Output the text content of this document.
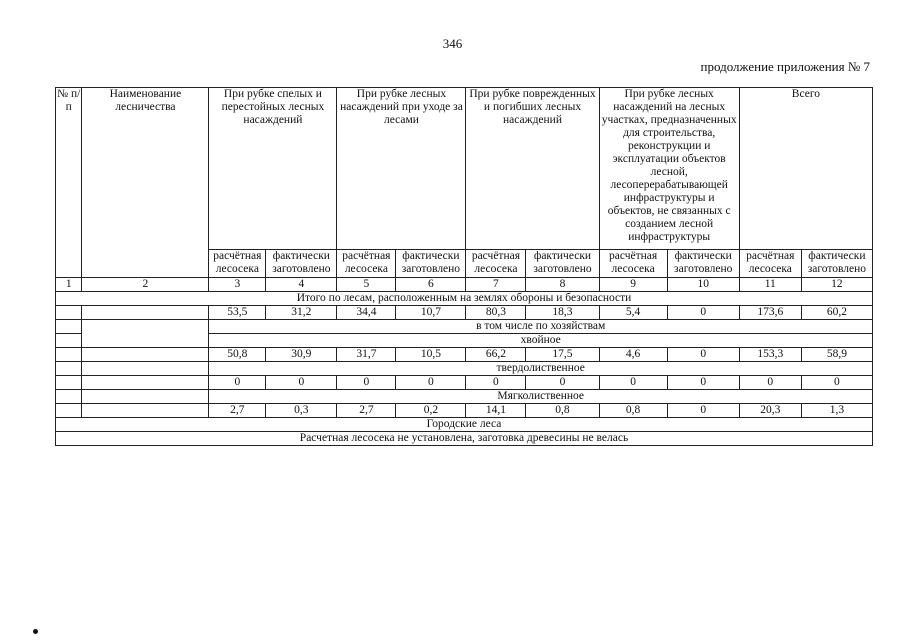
346
продолжение приложения № 7
№ п/п	Наименование лесничества	При рубке спелых и перестойных лесных насаждений		При рубке лесных насаждений при уходе за лесами		При рубке поврежденных и погибших лесных насаждений		При рубке лесных насаждений на лесных участках, предназначенных для строительства, реконструкции и эксплуатации объектов лесной, лесоперерабатывающей инфраструктуры и объектов, не связанных с созданием лесной инфраструктуры		Всего	
		расчётная лесосека	фактически заготовлено	расчётная лесосека	фактически заготовлено	расчётная лесосека	фактически заготовлено	расчётная лесосека	фактически заготовлено	расчётная лесосека	фактически заготовлено
1	2	3	4	5	6	7	8	9	10	11	12
Итого по лесам, расположенным на землях обороны и безопасности											
		53,5	31,2	34,4	10,7	80,3	18,3	5,4	0	173,6	60,2
		в том числе по хозяйствам									
		хвойное									
		50,8	30,9	31,7	10,5	66,2	17,5	4,6	0	153,3	58,9
		твердолиственное									
		0	0	0	0	0	0	0	0	0	0
		Мягколиственное									
		2,7	0,3	2,7	0,2	14,1	0,8	0,8	0	20,3	1,3
Городские леса											
Расчетная лесосека не установлена, заготовка древесины не велась											
